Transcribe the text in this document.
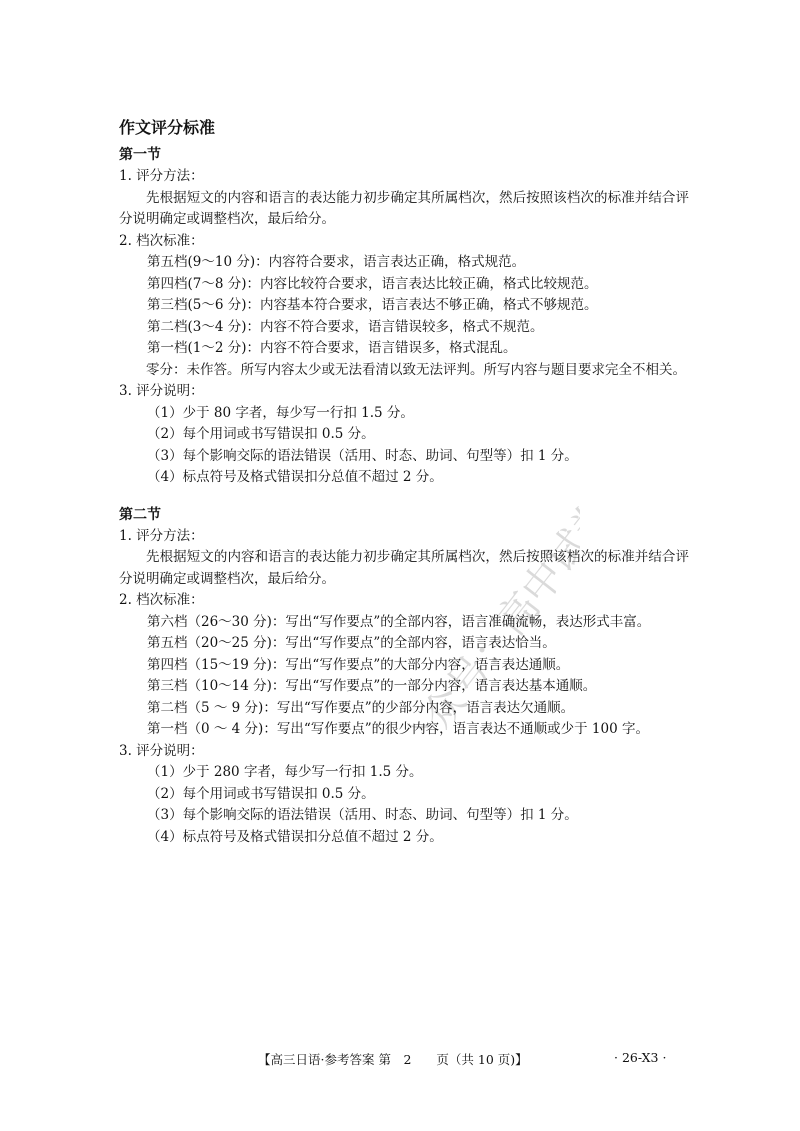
公众号：高中试卷君
作文评分标准
第一节
1. 评分方法：
先根据短文的内容和语言的表达能力初步确定其所属档次，然后按照该档次的标准并结合评分说明确定或调整档次，最后给分。
2. 档次标准：
第五档(9～10 分)：内容符合要求，语言表达正确，格式规范。
第四档(7～8 分)：内容比较符合要求，语言表达比较正确，格式比较规范。
第三档(5～6 分)：内容基本符合要求，语言表达不够正确，格式不够规范。
第二档(3～4 分)：内容不符合要求，语言错误较多，格式不规范。
第一档(1～2 分)：内容不符合要求，语言错误多，格式混乱。
零分：未作答。所写内容太少或无法看清以致无法评判。所写内容与题目要求完全不相关。
3. 评分说明：
（1）少于 80 字者，每少写一行扣 1.5 分。
（2）每个用词或书写错误扣 0.5 分。
（3）每个影响交际的语法错误（活用、时态、助词、句型等）扣 1 分。
（4）标点符号及格式错误扣分总值不超过 2 分。
第二节
1. 评分方法：
先根据短文的内容和语言的表达能力初步确定其所属档次，然后按照该档次的标准并结合评分说明确定或调整档次，最后给分。
2. 档次标准：
第六档（26～30 分)：写出“写作要点”的全部内容，语言准确流畅，表达形式丰富。
第五档（20～25 分)：写出“写作要点”的全部内容，语言表达恰当。
第四档（15～19 分)：写出“写作要点”的大部分内容，语言表达通顺。
第三档（10～14 分)：写出“写作要点”的一部分内容，语言表达基本通顺。
第二档（5 ～ 9 分)：写出“写作要点”的少部分内容，语言表达欠通顺。
第一档（0 ～ 4 分)：写出“写作要点”的很少内容，语言表达不通顺或少于 100 字。
3. 评分说明：
（1）少于 280 字者，每少写一行扣 1.5 分。
（2）每个用词或书写错误扣 0.5 分。
（3）每个影响交际的语法错误（活用、时态、助词、句型等）扣 1 分。
（4）标点符号及格式错误扣分总值不超过 2 分。
【高三日语·参考答案 第　2　　页（共 10 页)】	· 26-X3 ·
